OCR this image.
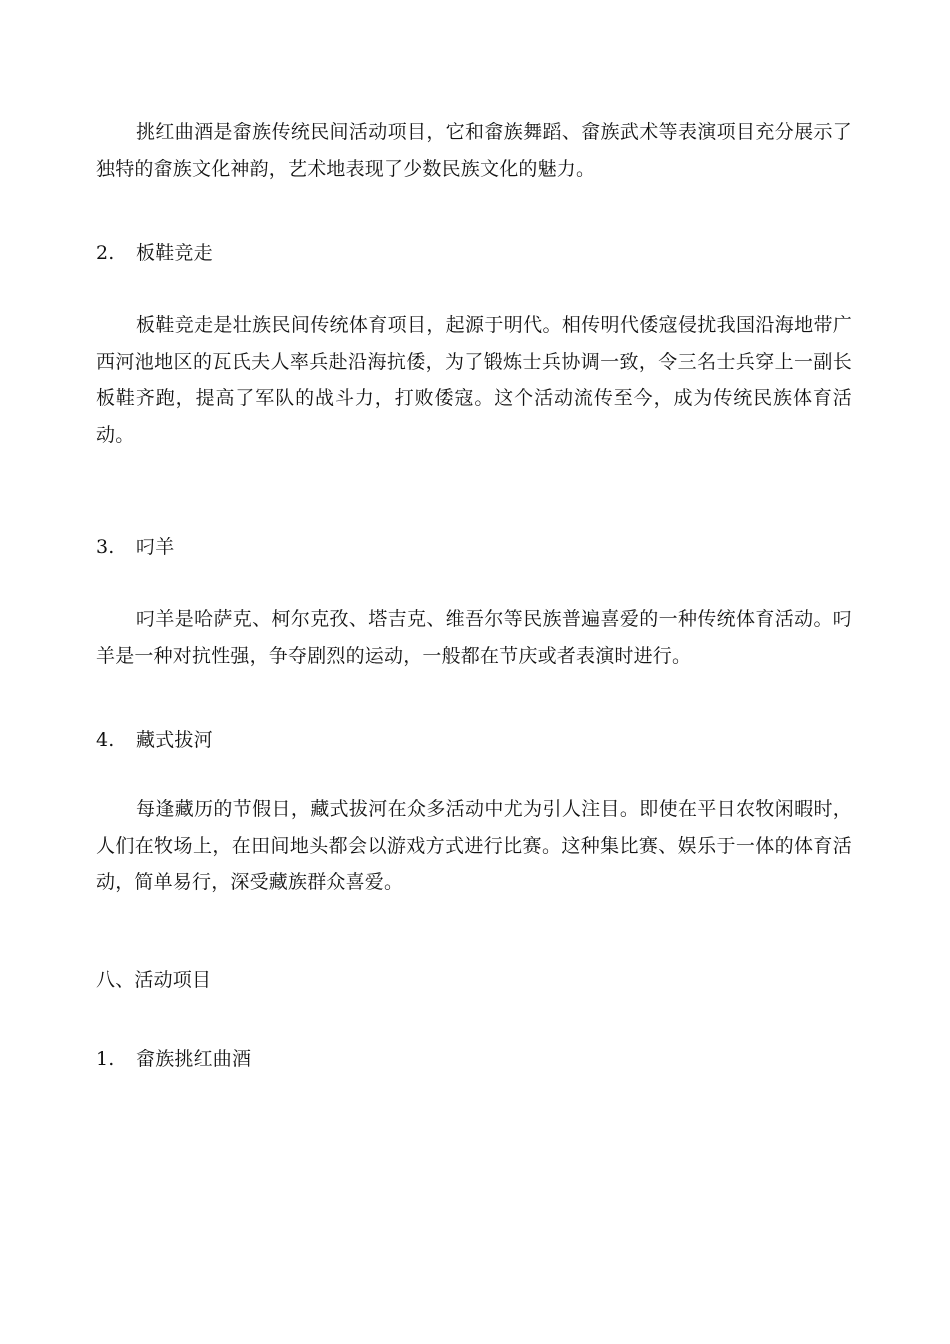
挑红曲酒是畲族传统民间活动项目，它和畲族舞蹈、畲族武术等表演项目充分展示了独特的畲族文化神韵，艺术地表现了少数民族文化的魅力。

2. 板鞋竞走

板鞋竞走是壮族民间传统体育项目，起源于明代。相传明代倭寇侵扰我国沿海地带广西河池地区的瓦氏夫人率兵赴沿海抗倭，为了锻炼士兵协调一致，令三名士兵穿上一副长板鞋齐跑，提高了军队的战斗力，打败倭寇。这个活动流传至今，成为传统民族体育活动。

3. 叼羊

叼羊是哈萨克、柯尔克孜、塔吉克、维吾尔等民族普遍喜爱的一种传统体育活动。叼羊是一种对抗性强，争夺剧烈的运动，一般都在节庆或者表演时进行。

4. 藏式拔河

每逢藏历的节假日，藏式拔河在众多活动中尤为引人注目。即使在平日农牧闲暇时，人们在牧场上，在田间地头都会以游戏方式进行比赛。这种集比赛、娱乐于一体的体育活动，简单易行，深受藏族群众喜爱。

八、活动项目
1. 畲族挑红曲酒
